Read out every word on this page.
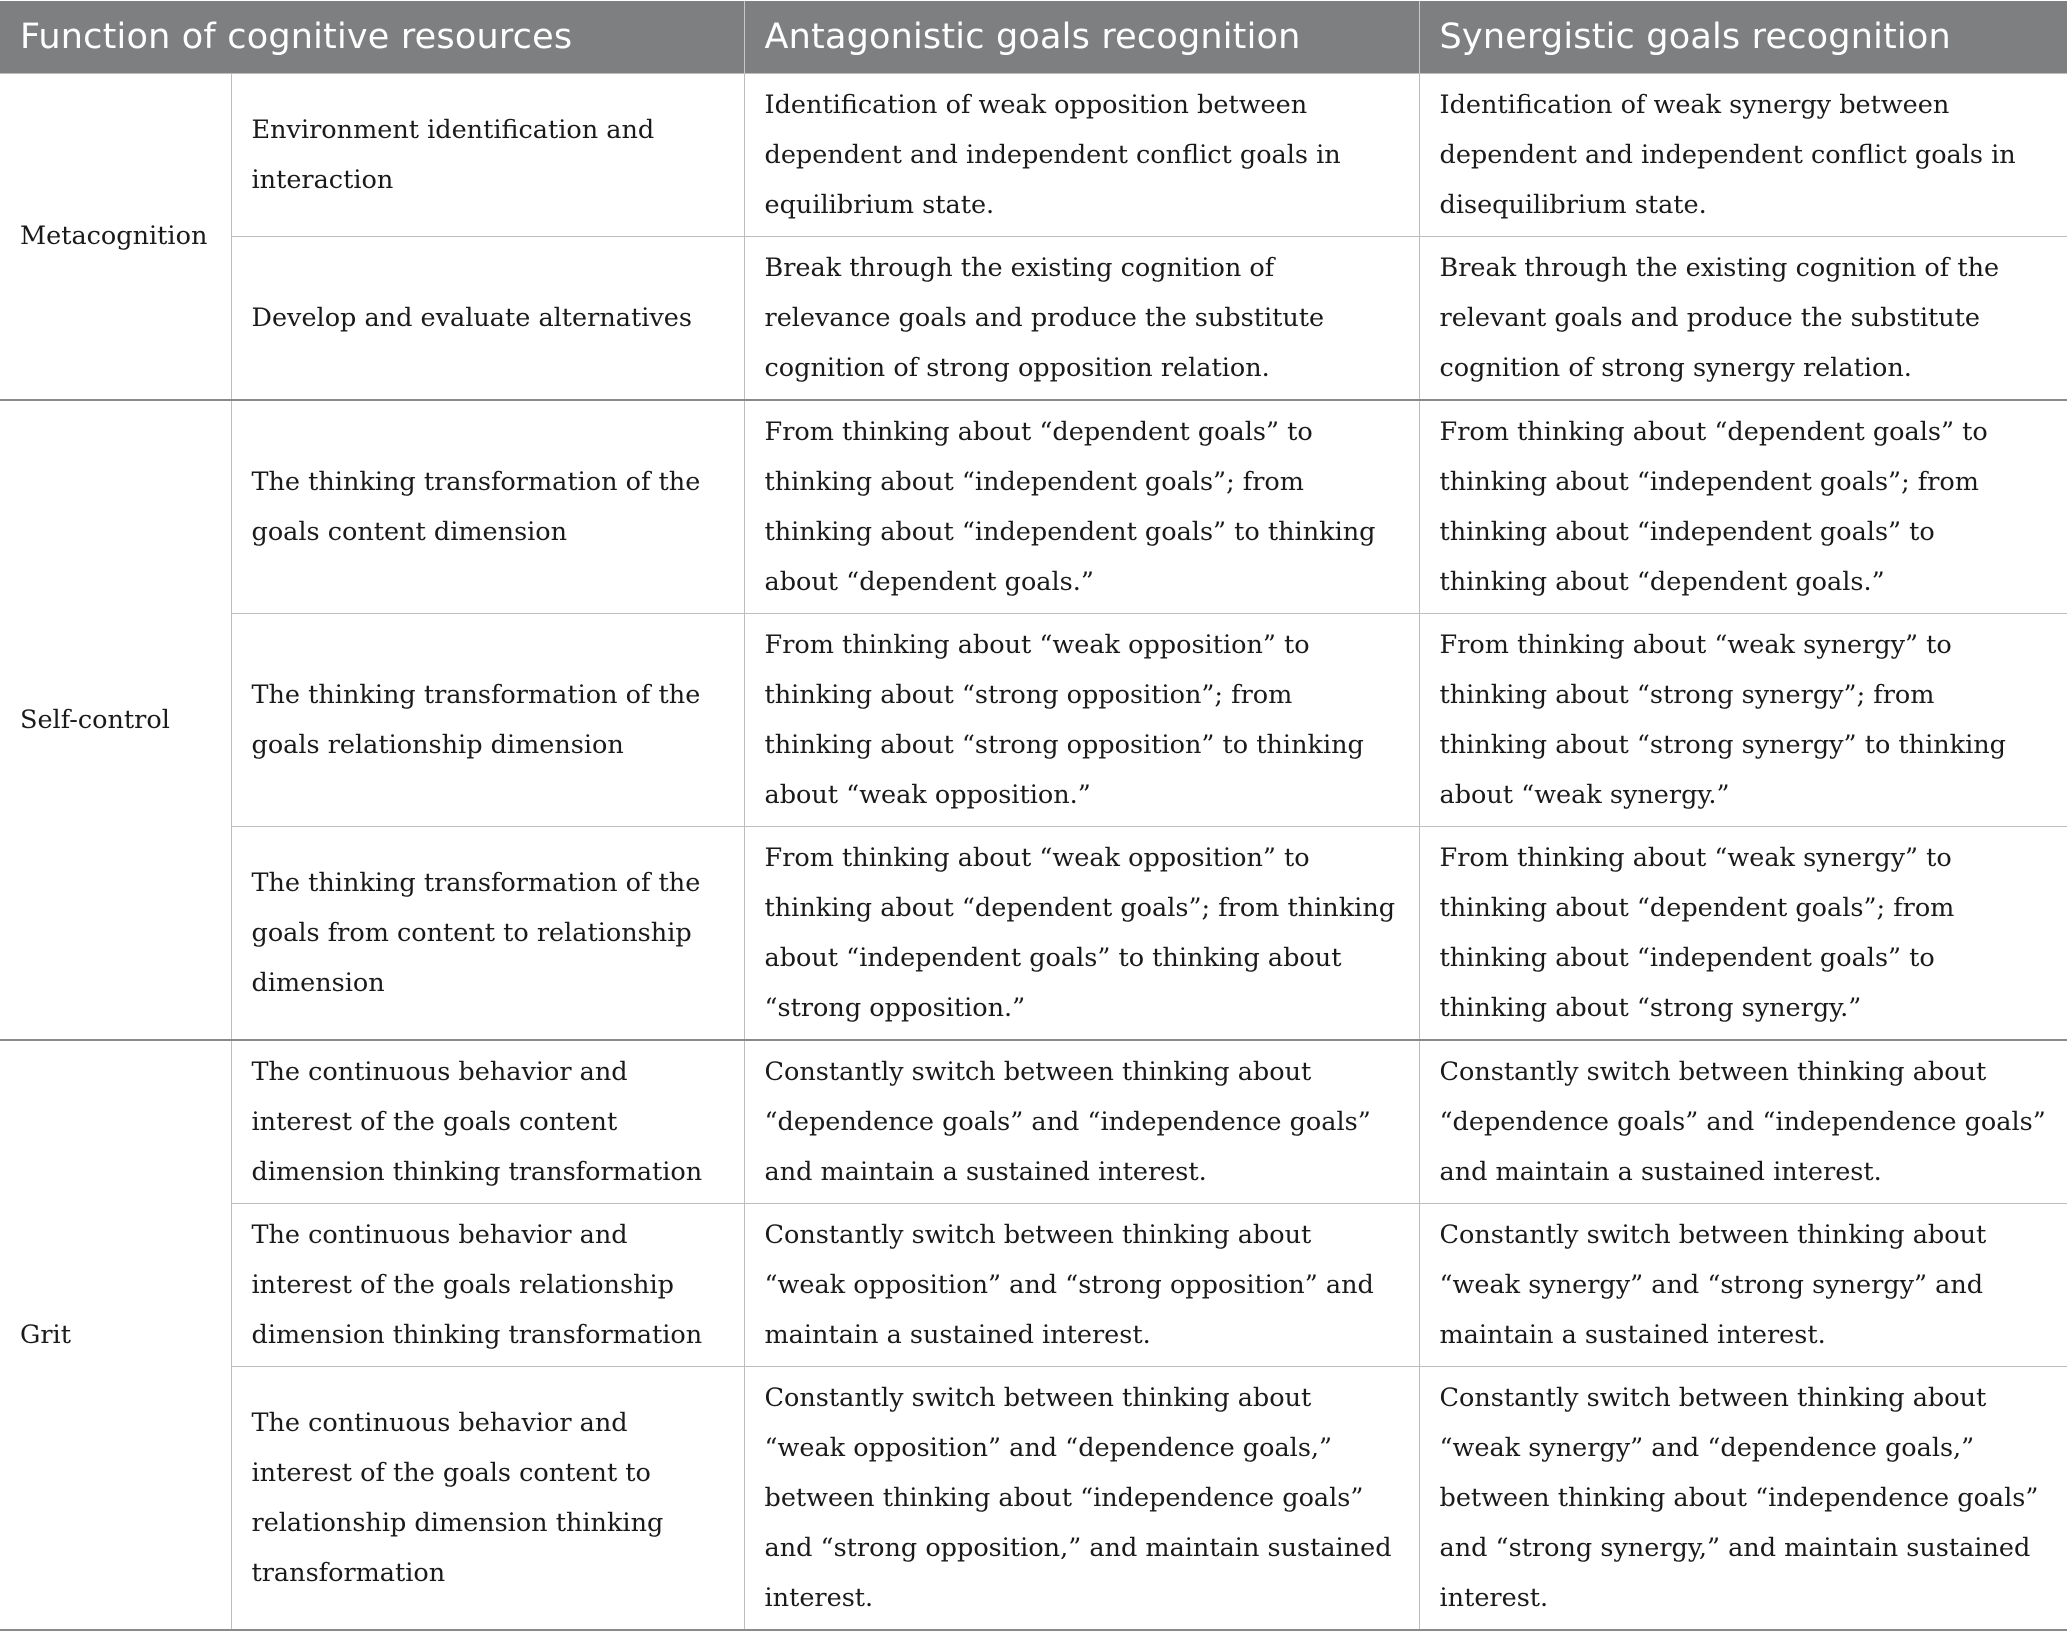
Function of cognitive resources		Antagonistic goals recognition	Synergistic goals recognition
Metacognition	Environment identification and interaction	Identification of weak opposition between dependent and independent conflict goals in equilibrium state.	Identification of weak synergy between dependent and independent conflict goals in disequilibrium state.
	Develop and evaluate alternatives	Break through the existing cognition of relevance goals and produce the substitute cognition of strong opposition relation.	Break through the existing cognition of the relevant goals and produce the substitute cognition of strong synergy relation.
Self-control	The thinking transformation of the goals content dimension	From thinking about “dependent goals” to thinking about “independent goals”; from thinking about “independent goals” to thinking about “dependent goals.”	From thinking about “dependent goals” to thinking about “independent goals”; from thinking about “independent goals” to thinking about “dependent goals.”
	The thinking transformation of the goals relationship dimension	From thinking about “weak opposition” to thinking about “strong opposition”; from thinking about “strong opposition” to thinking about “weak opposition.”	From thinking about “weak synergy” to thinking about “strong synergy”; from thinking about “strong synergy” to thinking about “weak synergy.”
	The thinking transformation of the goals from content to relationship dimension	From thinking about “weak opposition” to thinking about “dependent goals”; from thinking about “independent goals” to thinking about “strong opposition.”	From thinking about “weak synergy” to thinking about “dependent goals”; from thinking about “independent goals” to thinking about “strong synergy.”
Grit	The continuous behavior and interest of the goals content dimension thinking transformation	Constantly switch between thinking about “dependence goals” and “independence goals” and maintain a sustained interest.	Constantly switch between thinking about “dependence goals” and “independence goals” and maintain a sustained interest.
	The continuous behavior and interest of the goals relationship dimension thinking transformation	Constantly switch between thinking about “weak opposition” and “strong opposition” and maintain a sustained interest.	Constantly switch between thinking about “weak synergy” and “strong synergy” and maintain a sustained interest.
	The continuous behavior and interest of the goals content to relationship dimension thinking transformation	Constantly switch between thinking about “weak opposition” and “dependence goals,” between thinking about “independence goals” and “strong opposition,” and maintain sustained interest.	Constantly switch between thinking about “weak synergy” and “dependence goals,” between thinking about “independence goals” and “strong synergy,” and maintain sustained interest.
